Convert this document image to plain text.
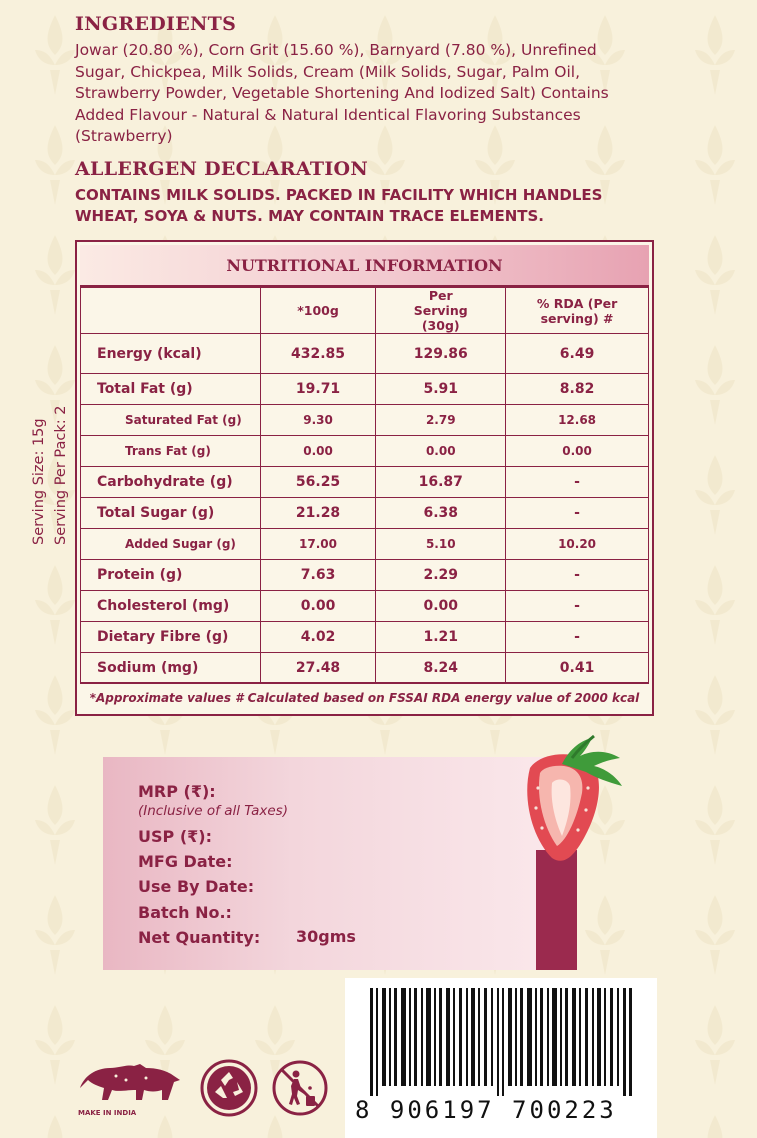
INGREDIENTS
Jowar (20.80 %), Corn Grit (15.60 %), Barnyard (7.80 %), Unrefined Sugar, Chickpea, Milk Solids, Cream (Milk Solids, Sugar, Palm Oil, Strawberry Powder, Vegetable Shortening And Iodized Salt) Contains Added Flavour - Natural & Natural Identical Flavoring Substances (Strawberry)
ALLERGEN DECLARATION
CONTAINS MILK SOLIDS. PACKED IN FACILITY WHICH HANDLES WHEAT, SOYA & NUTS. MAY CONTAIN TRACE ELEMENTS.
Serving Size: 15g Serving Per Pack: 2
NUTRITIONAL INFORMATION
	*100g	Per Serving (30g)	% RDA (Per serving) #

Energy (kcal)	432.85	129.86	6.49
Total Fat (g)	19.71	5.91	8.82
Saturated Fat (g)	9.30	2.79	12.68
Trans Fat (g)	0.00	0.00	0.00
Carbohydrate (g)	56.25	16.87	-
Total Sugar (g)	21.28	6.38	-
Added Sugar (g)	17.00	5.10	10.20
Protein (g)	7.63	2.29	-
Cholesterol (mg)	0.00	0.00	-
Dietary Fibre (g)	4.02	1.21	-
Sodium (mg)	27.48	8.24	0.41
*Approximate values # Calculated based on FSSAI RDA energy value of 2000 kcal
MRP (₹):
(Inclusive of all Taxes)
USP (₹):
MFG Date:
Use By Date:
Batch No.:
Net Quantity: 30gms
8 906197 700223
MAKE IN INDIA
